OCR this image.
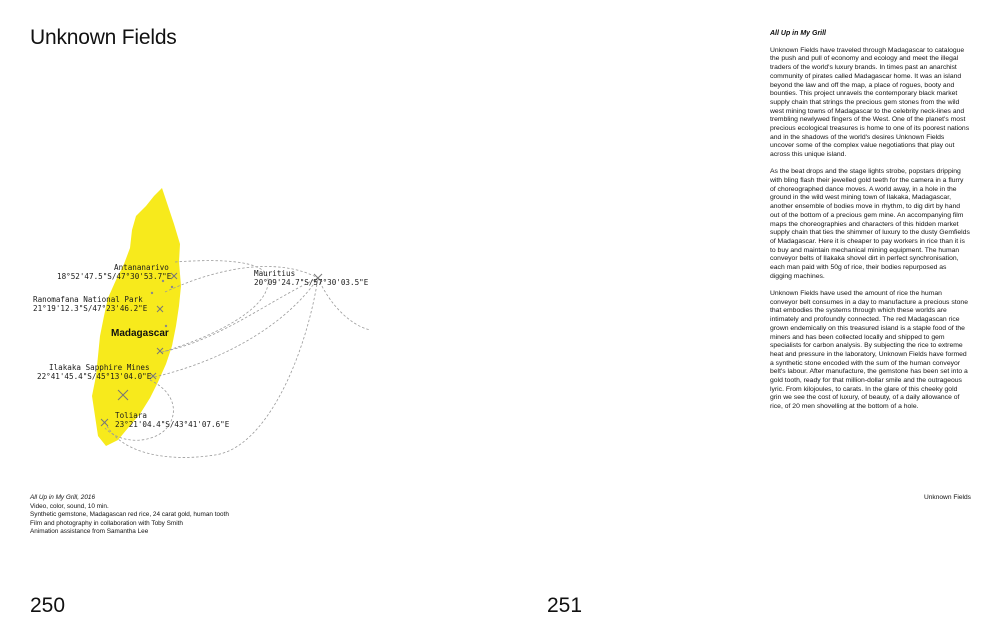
Unknown Fields
Antananarivo
18°52'47.5"S/47°30'53.7"E
Ranomafana National Park
21°19'12.3"S/47°23'46.2"E
Madagascar
Ilakaka Sapphire Mines
22°41'45.4"S/45°13'04.0"E
Toliara
23°21'04.4"S/43°41'07.6"E
Mauritius
20°09'24.7"S/57°30'03.5"E
All Up in My Grill, 2016
Video, color, sound, 10 min.
Synthetic gemstone, Madagascan red rice, 24 carat gold, human tooth
Film and photography in collaboration with Toby Smith
Animation assistance from Samantha Lee
250
All Up in My Grill

Unknown Fields have traveled through Madagascar to catalogue the push and pull of economy and ecology and meet the illegal traders of the world's luxury brands. In times past an anarchist community of pirates called Madagascar home. It was an island beyond the law and off the map, a place of rogues, booty and bounties. This project unravels the contemporary black market supply chain that strings the precious gem stones from the wild west mining towns of Madagascar to the celebrity neck-lines and trembling newlywed fingers of the West. One of the planet's most precious ecological treasures is home to one of its poorest nations and in the shadows of the world's desires Unknown Fields uncover some of the complex value negotiations that play out across this unique island.

As the beat drops and the stage lights strobe, popstars dripping with bling flash their jewelled gold teeth for the camera in a flurry of choreographed dance moves. A world away, in a hole in the ground in the wild west mining town of Ilakaka, Madagascar, another ensemble of bodies move in rhythm, to dig dirt by hand out of the bottom of a precious gem mine. An accompanying film maps the choreographies and characters of this hidden market supply chain that ties the shimmer of luxury to the dusty Gemfields of Madagascar. Here it is cheaper to pay workers in rice than it is to buy and maintain mechanical mining equipment. The human conveyor belts of Ilakaka shovel dirt in perfect synchronisation, each man paid with 50g of rice, their bodies repurposed as digging machines.

Unknown Fields have used the amount of rice the human conveyor belt consumes in a day to manufacture a precious stone that embodies the systems through which these worlds are intimately and profoundly connected. The red Madagascan rice grown endemically on this treasured island is a staple food of the miners and has been collected locally and shipped to gem specialists for carbon analysis. By subjecting the rice to extreme heat and pressure in the laboratory, Unknown Fields have formed a synthetic stone encoded with the sum of the human conveyor belt's labour. After manufacture, the gemstone has been set into a gold tooth, ready for that million-dollar smile and the outrageous lyric. From kilojoules, to carats. In the glare of this cheeky gold grin we see the cost of luxury, of beauty, of a daily allowance of rice, of 20 men shovelling at the bottom of a hole.

Unknown Fields
251
